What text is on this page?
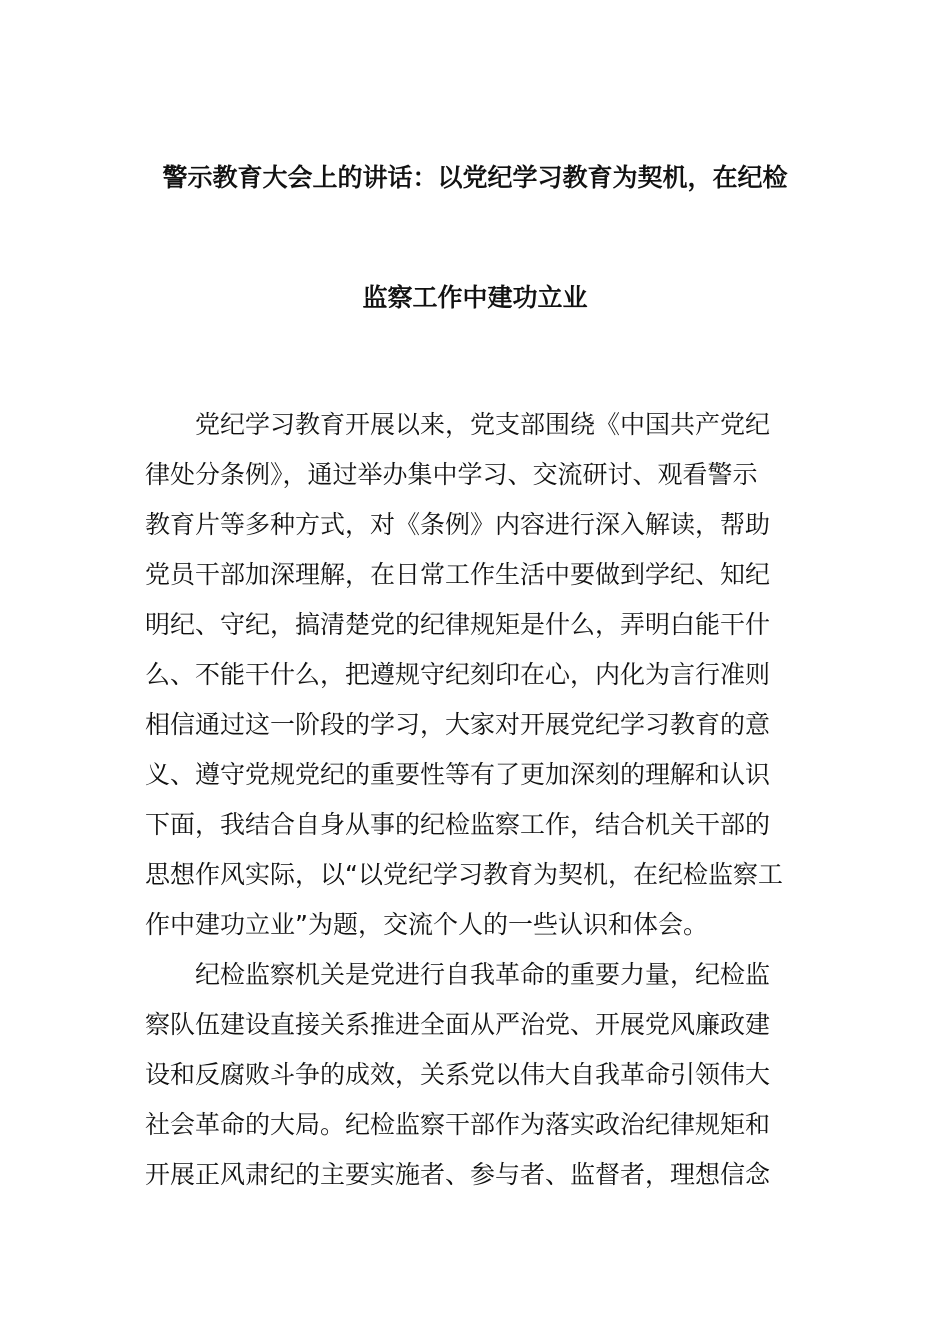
警示教育大会上的讲话：以党纪学习教育为契机，在纪检
监察工作中建功立业
党纪学习教育开展以来，党支部围绕《中国共产党纪
律处分条例》，通过举办集中学习、交流研讨、观看警示
教育片等多种方式，对《条例》内容进行深入解读，帮助
党员干部加深理解，在日常工作生活中要做到学纪、知纪
明纪、守纪，搞清楚党的纪律规矩是什么，弄明白能干什
么、不能干什么，把遵规守纪刻印在心，内化为言行准则
相信通过这一阶段的学习，大家对开展党纪学习教育的意
义、遵守党规党纪的重要性等有了更加深刻的理解和认识
下面，我结合自身从事的纪检监察工作，结合机关干部的
思想作风实际，以“以党纪学习教育为契机，在纪检监察工
作中建功立业”为题，交流个人的一些认识和体会。
纪检监察机关是党进行自我革命的重要力量，纪检监
察队伍建设直接关系推进全面从严治党、开展党风廉政建
设和反腐败斗争的成效，关系党以伟大自我革命引领伟大
社会革命的大局。纪检监察干部作为落实政治纪律规矩和
开展正风肃纪的主要实施者、参与者、监督者，理想信念
